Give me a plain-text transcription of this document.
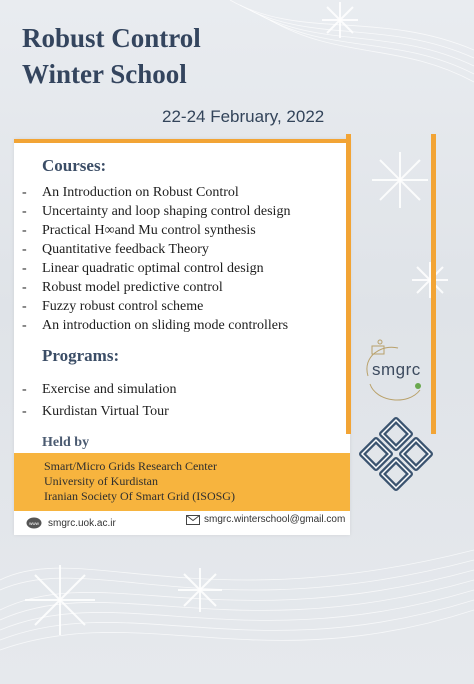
Robust Control
Winter School
22-24 February, 2022
Courses:
- An Introduction on Robust Control
- Uncertainty and loop shaping control design
- Practical H∞and Mu control synthesis
- Quantitative feedback Theory
- Linear quadratic optimal control design
- Robust model predictive control
- Fuzzy robust control scheme
- An introduction on sliding mode controllers
Programs:
- Exercise and simulation
- Kurdistan Virtual Tour
Held by
Smart/Micro Grids Research Center
University of Kurdistan
Iranian Society Of Smart Grid (ISOSG)
www smgrc.uok.ac.ir	smgrc.winterschool@gmail.com
smgrc
